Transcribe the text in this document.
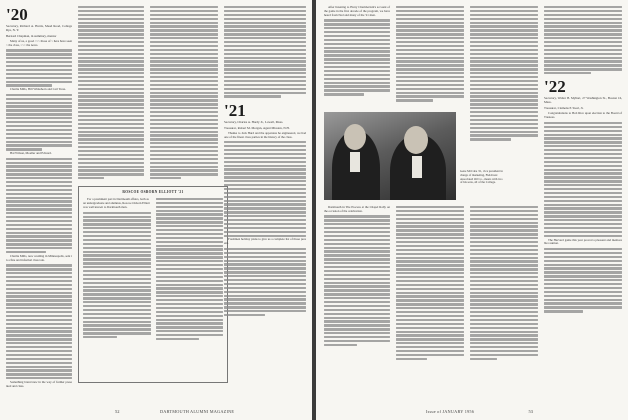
'20
Secretary, Richard A. Harris, Mead Road, College Rye, N. Y.
Bernard Chapman, in summary, mentor

Many of us, a good ~~~ those of ~ here have seen ~ the class, ~~~ the news.

Charlie Mills, Bill Whitehorn and Carl Tress.

Hal Wilson, Moeller and Edward.

Charlie Mills, now residing in Minneapolis, sent in a fine and informal class tale.

Something brand new in the way of further presented and class.

ROSCOE OSBORN ELLIOTT '21

For a prominent part in Dartmouth affairs, both as an undergraduate and alumnus, Roscoe Osborn Elliott was well known to Dartmouth men.

'21
Secretary, Charles A. Hardy Jr., Lowell, Mass.
Treasurer, Robert M. Morgan, Agent Mission, N.H.

Thanks to Jack Hurd and the apparatus he engineered, we had one of the finest class parties in the history of the class.

Freshmen holiday plans to give us a complete list of those present.

52	DARTMOUTH ALUMNI MAGAZINE

After listening to Harry Chamberlain's account of the game in the first decade of the program, we have heard from Ned and many of the '21 men.

Gene McCabe '21, vice president in charge of marketing, Fieldcrest Associated Oil Co., meets with two of his sons, all of the College.

Dartmouth in The Process at the Chapel Rally on the occasion of the celebration.

'22
Secretary, Walter B. Myhart, 27 Washington St., Boston 16, Mass.
Treasurer, Clemens P. Steel, Jr.

Congratulations to Bob Rice upon election to the Board of Trustees.

The Harvard game this year proved a pleasant and memorable reunion.

Issue of JANUARY 1956	53
